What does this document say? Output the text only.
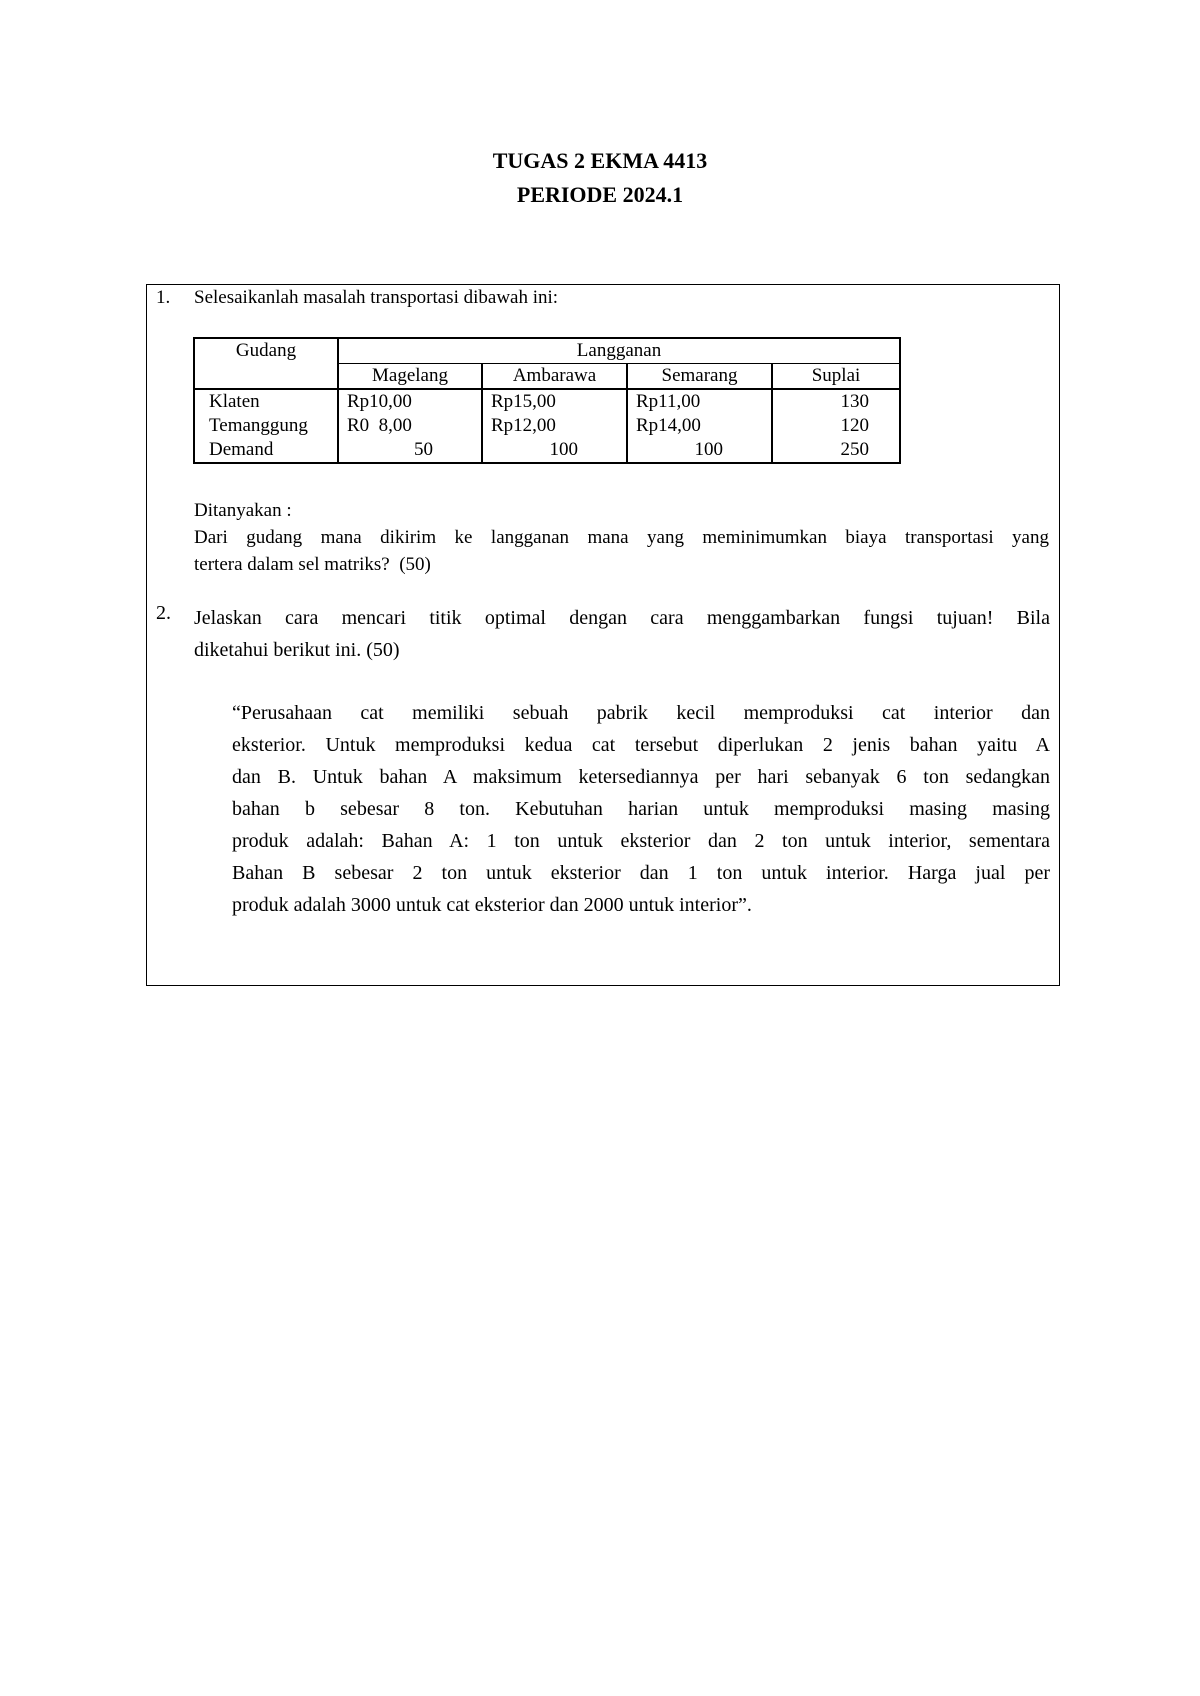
TUGAS 2 EKMA 4413
PERIODE 2024.1
1. Selesaikanlah masalah transportasi dibawah ini:
Gudang	Langganan			
	Magelang	Ambarawa	Semarang	Suplai
Klaten	Rp10,00	Rp15,00	Rp11,00	130
Temanggung	R0  8,00	Rp12,00	Rp14,00	120
Demand	50	100	100	250
Ditanyakan :
Dari gudang mana dikirim ke langganan mana yang meminimumkan biaya transportasi yang
tertera dalam sel matriks?  (50)
2. Jelaskan cara mencari titik optimal dengan cara menggambarkan fungsi tujuan! Bila
diketahui berikut ini. (50)
“Perusahaan cat memiliki sebuah pabrik kecil memproduksi cat interior dan
eksterior. Untuk memproduksi kedua cat tersebut diperlukan 2 jenis bahan yaitu A
dan B. Untuk bahan A maksimum ketersediannya per hari sebanyak 6 ton sedangkan
bahan b sebesar 8 ton. Kebutuhan harian untuk memproduksi masing masing
produk adalah: Bahan A: 1 ton untuk eksterior dan 2 ton untuk interior, sementara
Bahan B sebesar 2 ton untuk eksterior dan 1 ton untuk interior. Harga jual per
produk adalah 3000 untuk cat eksterior dan 2000 untuk interior”.
